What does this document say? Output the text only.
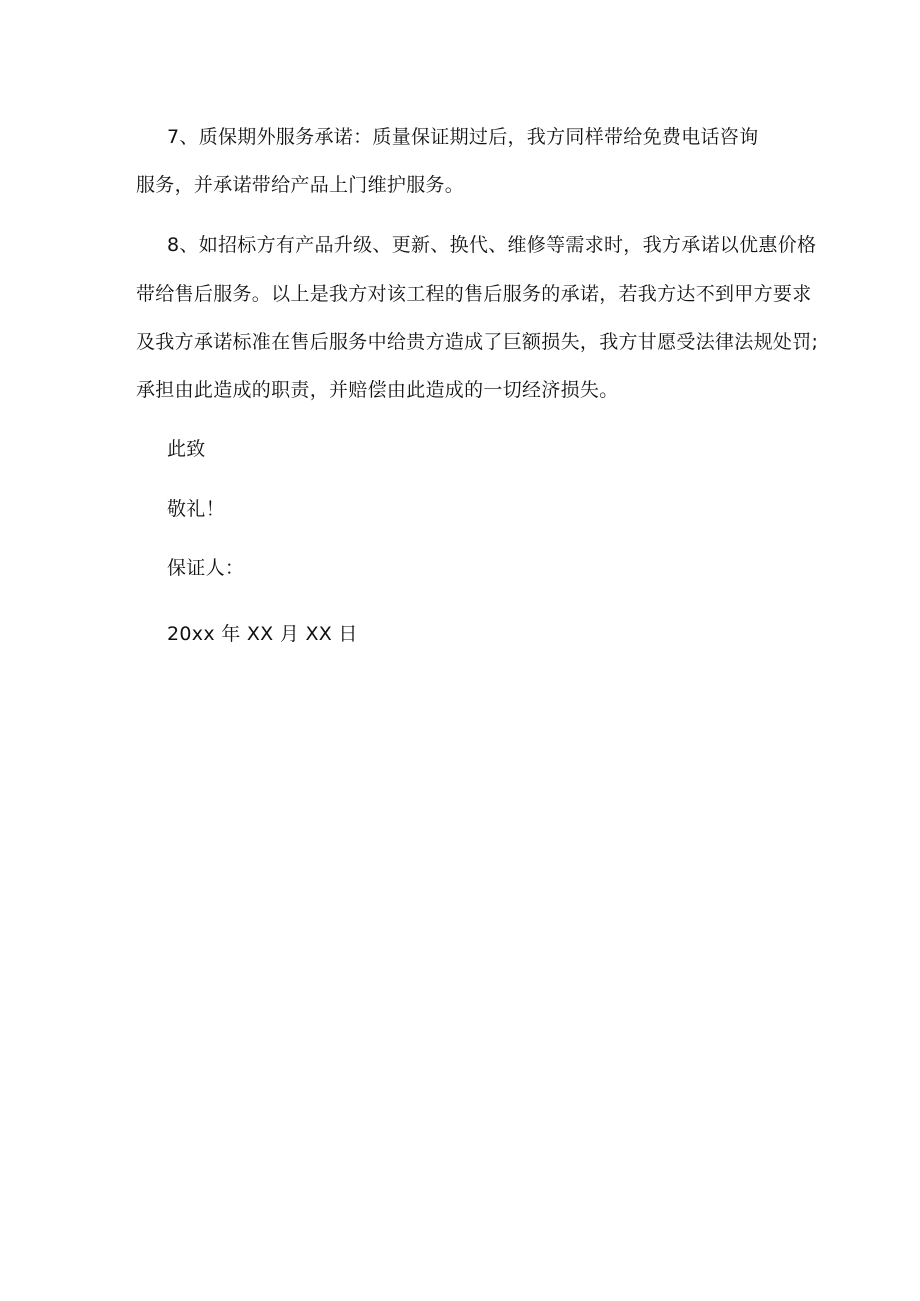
7、质保期外服务承诺：质量保证期过后，我方同样带给免费电话咨询
服务，并承诺带给产品上门维护服务。
8、如招标方有产品升级、更新、换代、维修等需求时，我方承诺以优惠价格
带给售后服务。以上是我方对该工程的售后服务的承诺，若我方达不到甲方要求
及我方承诺标准在售后服务中给贵方造成了巨额损失，我方甘愿受法律法规处罚;
承担由此造成的职责，并赔偿由此造成的一切经济损失。
此致
敬礼！
保证人：
20xx 年 XX 月 XX 日
